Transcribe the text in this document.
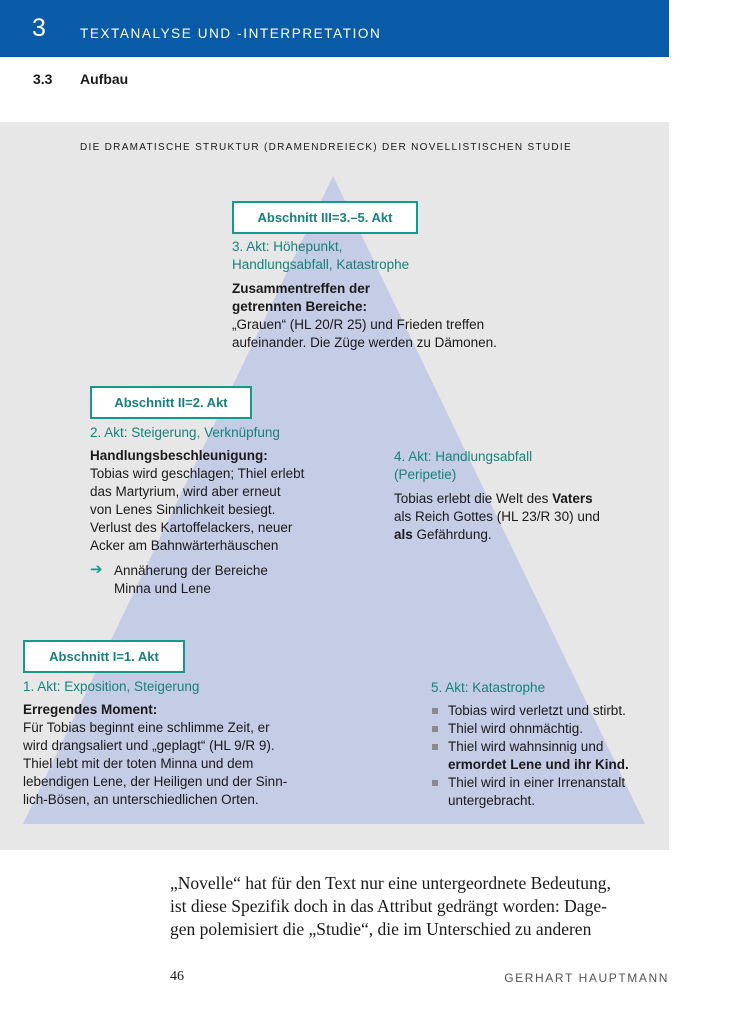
3	TEXTANALYSE UND -INTERPRETATION
3.3 Aufbau
DIE DRAMATISCHE STRUKTUR (DRAMENDREIECK) DER NOVELLISTISCHEN STUDIE
Abschnitt III=3.–5. Akt
3. Akt: Höhepunkt,
Handlungsabfall, Katastrophe
Zusammentreffen der
getrennten Bereiche:
„Grauen“ (HL 20/R 25) und Frieden treffen
aufeinander. Die Züge werden zu Dämonen.
Abschnitt II=2. Akt
2. Akt: Steigerung, Verknüpfung
Handlungsbeschleunigung:
Tobias wird geschlagen; Thiel erlebt
das Martyrium, wird aber erneut
von Lenes Sinnlichkeit besiegt.
Verlust des Kartoffelackers, neuer
Acker am Bahnwärterhäuschen
➔ Annäherung der Bereiche
Minna und Lene
4. Akt: Handlungsabfall
(Peripetie)
Tobias erlebt die Welt des Vaters
als Reich Gottes (HL 23/R 30) und
als Gefährdung.
Abschnitt I=1. Akt
1. Akt: Exposition, Steigerung
Erregendes Moment:
Für Tobias beginnt eine schlimme Zeit, er
wird drangsaliert und „geplagt“ (HL 9/R 9).
Thiel lebt mit der toten Minna und dem
lebendigen Lene, der Heiligen und der Sinn-
lich-Bösen, an unterschiedlichen Orten.
5. Akt: Katastrophe
Tobias wird verletzt und stirbt.
Thiel wird ohnmächtig.
Thiel wird wahnsinnig und
ermordet Lene und ihr Kind.
Thiel wird in einer Irrenanstalt
untergebracht.
„Novelle“ hat für den Text nur eine untergeordnete Bedeutung,
ist diese Spezifik doch in das Attribut gedrängt worden: Dage-
gen polemisiert die „Studie“, die im Unterschied zu anderen
46	GERHART HAUPTMANN
